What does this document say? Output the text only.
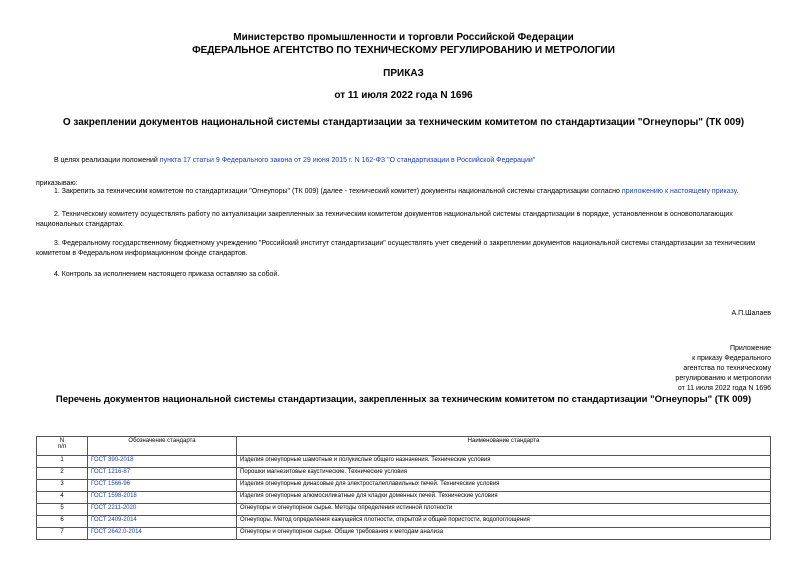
Министерство промышленности и торговли Российской Федерации
ФЕДЕРАЛЬНОЕ АГЕНТСТВО ПО ТЕХНИЧЕСКОМУ РЕГУЛИРОВАНИЮ И МЕТРОЛОГИИ
ПРИКАЗ
от 11 июля 2022 года N 1696
О закреплении документов национальной системы стандартизации за техническим комитетом по стандартизации "Огнеупоры" (ТК 009)
В целях реализации положений пункта 17 статьи 9 Федерального закона от 29 июня 2015 г. N 162-ФЗ "О стандартизации в Российской Федерации"
приказываю:
1. Закрепить за техническим комитетом по стандартизации "Огнеупоры" (ТК 009) (далее - технический комитет) документы национальной системы стандартизации согласно приложению к настоящему приказу.
2. Техническому комитету осуществлять работу по актуализации закрепленных за техническим комитетом документов национальной системы стандартизации в порядке, установленном в основополагающих национальных стандартах.
3. Федеральному государственному бюджетному учреждению "Российский институт стандартизации" осуществлять учет сведений о закреплении документов национальной системы стандартизации за техническим комитетом в Федеральном информационном фонде стандартов.
4. Контроль за исполнением настоящего приказа оставляю за собой.
А.П.Шалаев
Приложение
к приказу Федерального
агентства по техническому
регулированию и метрологии
от 11 июля 2022 года N 1696
Перечень документов национальной системы стандартизации, закрепленных за техническим комитетом по стандартизации "Огнеупоры" (ТК 009)
N
п/п	Обозначение стандарта	Наименование стандарта
1	ГОСТ 390-2018	Изделия огнеупорные шамотные и полукислые общего назначения. Технические условия
2	ГОСТ 1216-87	Порошки магнезитовые каустические. Технические условия
3	ГОСТ 1566-96	Изделия огнеупорные динасовые для электросталеплавильных печей. Технические условия
4	ГОСТ 1598-2018	Изделия огнеупорные алюмосиликатные для кладки доменных печей. Технические условия
5	ГОСТ 2211-2020	Огнеупоры и огнеупорное сырье. Методы определения истинной плотности
6	ГОСТ 2409-2014	Огнеупоры. Метод определения кажущейся плотности, открытой и общей пористости, водопоглощения
7	ГОСТ 2642.0-2014	Огнеупоры и огнеупорное сырье. Общие требования к методам анализа
